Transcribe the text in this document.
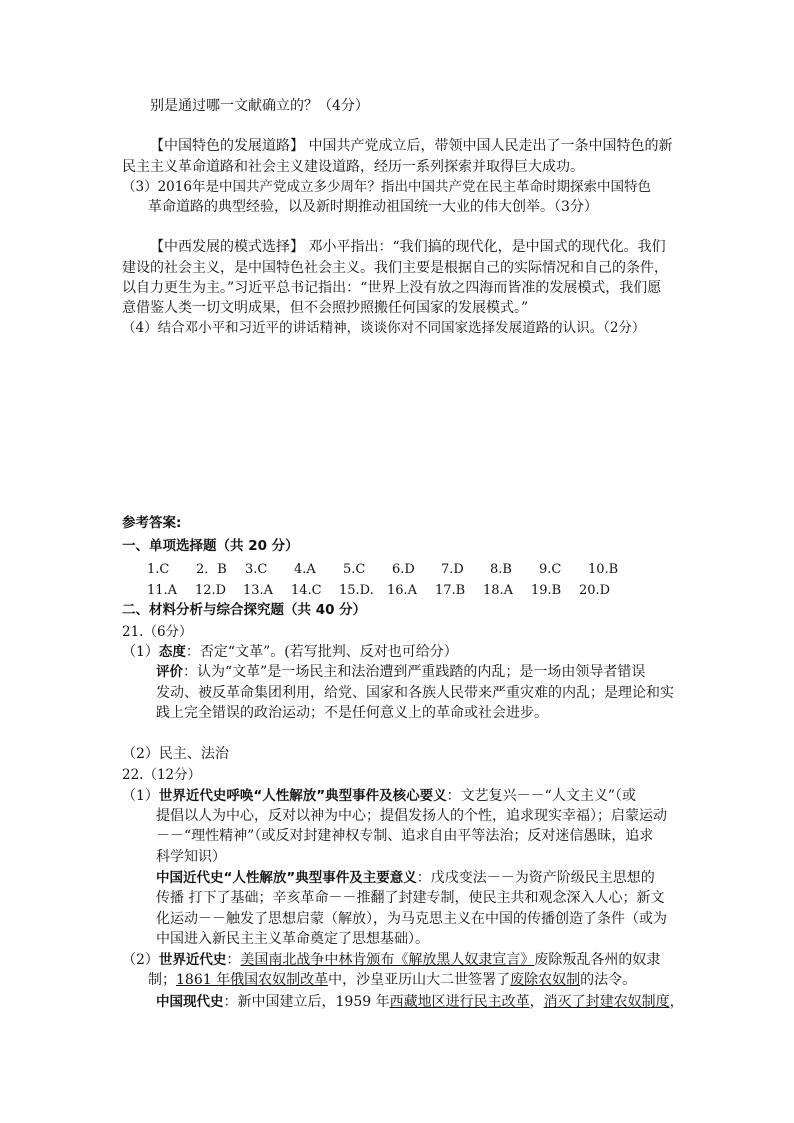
别是通过哪一文献确立的？（4分）
【中国特色的发展道路】 中国共产党成立后，带领中国人民走出了一条中国特色的新
民主主义革命道路和社会主义建设道路，经历一系列探索并取得巨大成功。
（3）2016年是中国共产党成立多少周年？指出中国共产党在民主革命时期探索中国特色
革命道路的典型经验，以及新时期推动祖国统一大业的伟大创举。（3分）
【中西发展的模式选择】 邓小平指出：“我们搞的现代化，是中国式的现代化。我们
建设的社会主义，是中国特色社会主义。我们主要是根据自己的实际情况和自己的条件，
以自力更生为主。”习近平总书记指出：“世界上没有放之四海而皆准的发展模式，我们愿
意借鉴人类一切文明成果，但不会照抄照搬任何国家的发展模式。”
（4）结合邓小平和习近平的讲话精神，谈谈你对不同国家选择发展道路的认识。（2分）
参考答案:
一、单项选择题（共 20 分）
1.C 2．B 3.C 4.A 5.C 6.D 7.D 8.B 9.C 10.B
11.A 12.D 13.A 14.C 15.D. 16.A 17.B 18.A 19.B 20.D
二、材料分析与综合探究题（共 40 分）
21.（6分）
（1）态度：否定“文革”。(若写批判、反对也可给分）
评价：认为“文革”是一场民主和法治遭到严重践踏的内乱；是一场由领导者错误
发动、被反革命集团利用，给党、国家和各族人民带来严重灾难的内乱；是理论和实
践上完全错误的政治运动；不是任何意义上的革命或社会进步。
（2）民主、法治
22.（12分）
（1）世界近代史呼唤“人性解放”典型事件及核心要义：文艺复兴－－“人文主义”（或
提倡以人为中心，反对以神为中心；提倡发扬人的个性，追求现实幸福）；启蒙运动
－－“理性精神”（或反对封建神权专制、追求自由平等法治；反对迷信愚昧，追求
科学知识）
中国近代史“人性解放”典型事件及主要意义：戊戌变法－－为资产阶级民主思想的
传播 打下了基础；辛亥革命－－推翻了封建专制，使民主共和观念深入人心；新文
化运动－－触发了思想启蒙（解放），为马克思主义在中国的传播创造了条件（或为
中国进入新民主主义革命奠定了思想基础）。
（2）世界近代史：美国南北战争中林肯颁布《解放黑人奴隶宣言》废除叛乱各州的奴隶
制；1861 年俄国农奴制改革中，沙皇亚历山大二世签署了废除农奴制的法令。
中国现代史：新中国建立后，1959 年西藏地区进行民主改革，消灭了封建农奴制度，
